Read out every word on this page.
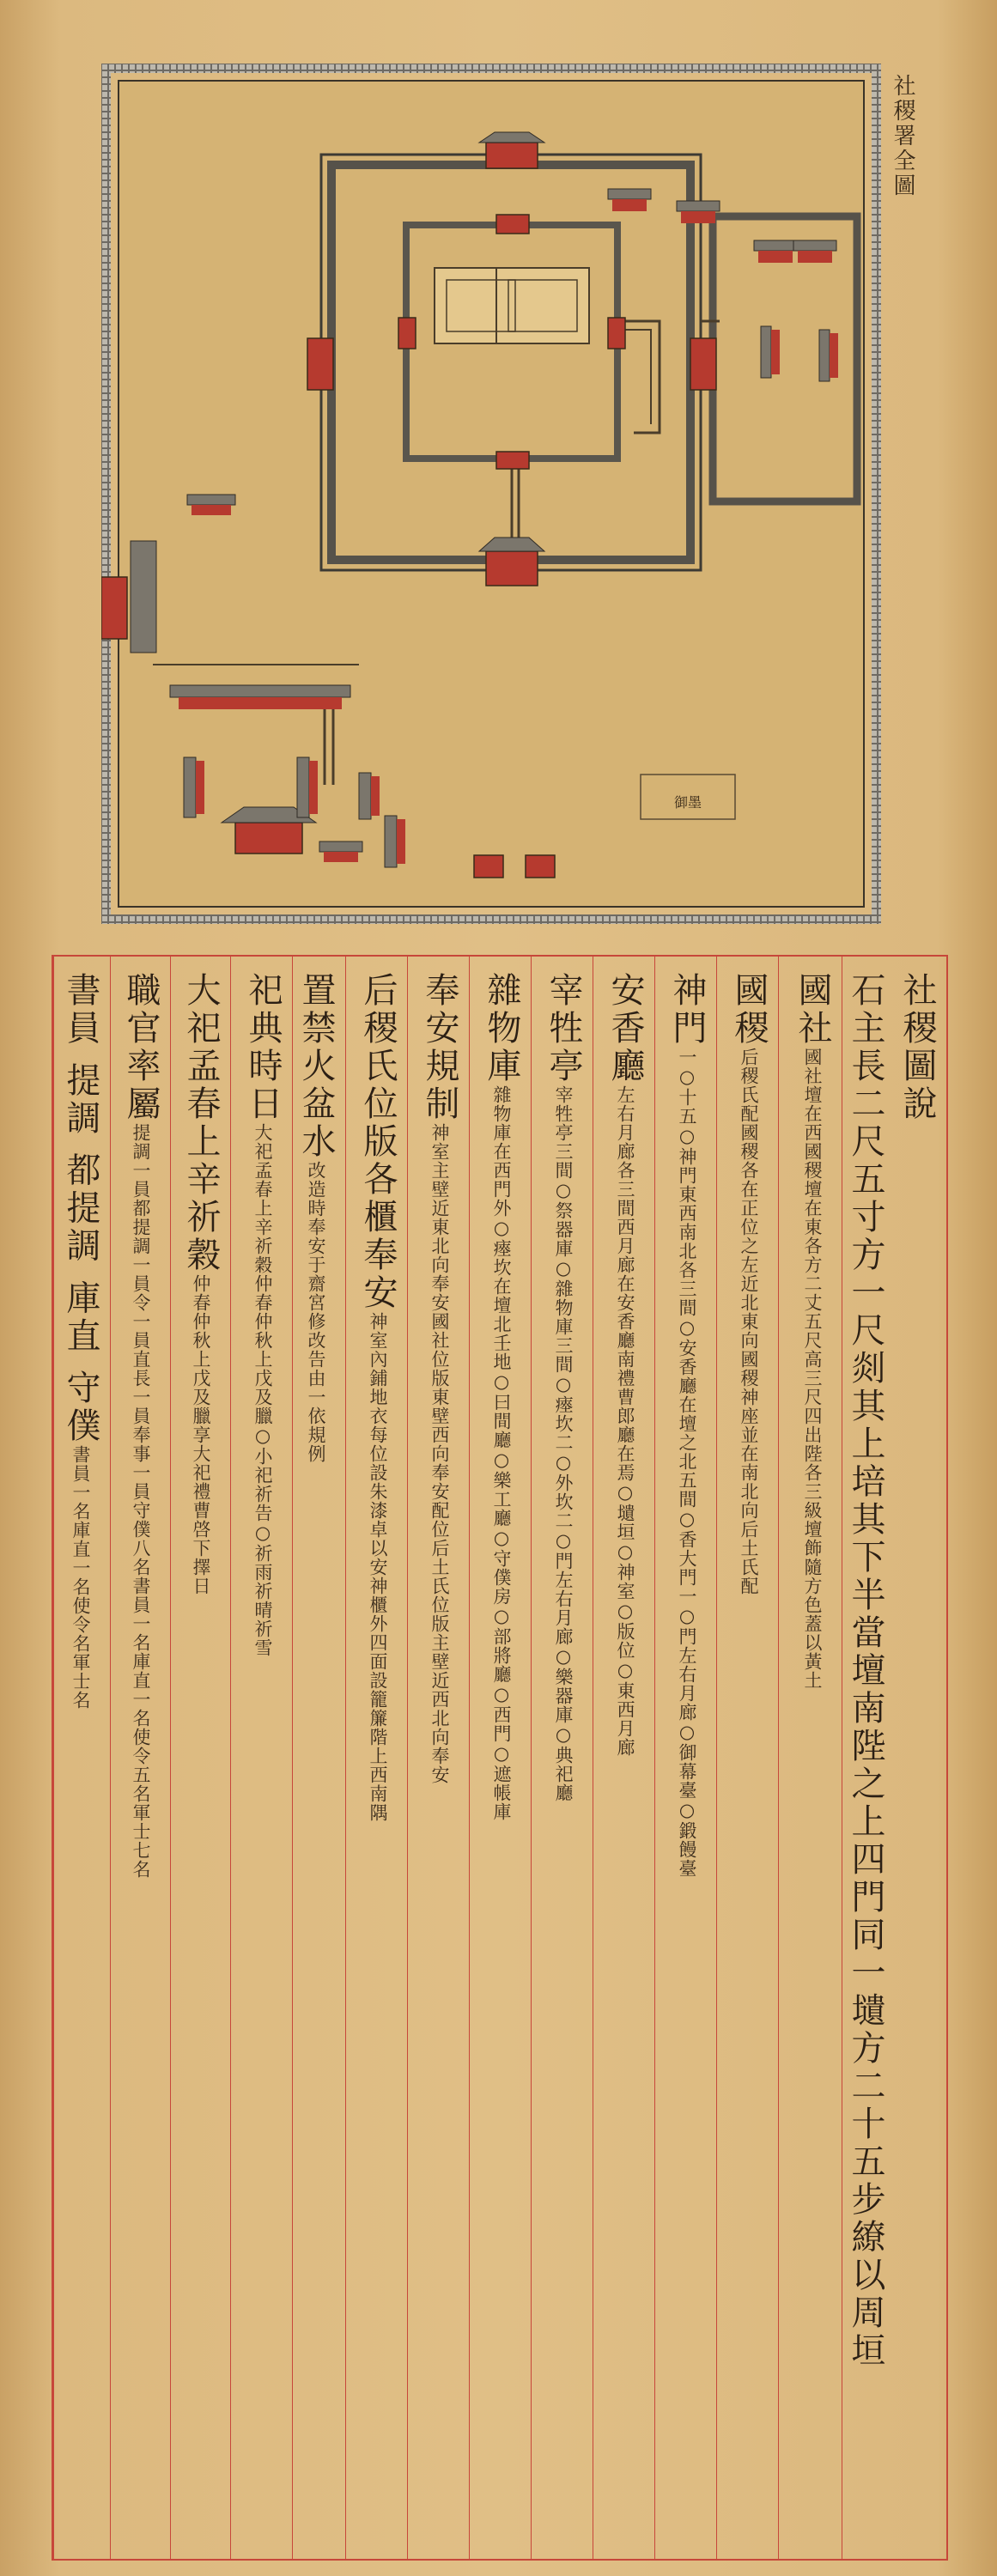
御墨
社稷署全圖
社稷圖說
石主長二尺五寸方一尺剡其上培其下半當壇南陛之上四門同一壝方二十五步繚以周垣
國社國社壇在西國稷壇在東各方二丈五尺高三尺四出陛各三級壇飾隨方色蓋以黃土
國稷后稷氏配國稷各在正位之左近北東向國稷神座並在南北向后土氏配
神門一○十五○神門東西南北各三間○安香廳在壇之北五間○香大門一○門左右月廊○御幕臺○鍛饅臺
安香廳左右月廊各三間西月廊在安香廳南禮曹郎廳在焉○壝垣○神室○版位○東西月廊
宰牲亭宰牲亭三間○祭器庫○雜物庫三間○瘞坎二○外坎二○門左右月廊○樂器庫○典祀廳
雜物庫雜物庫在西門外○瘞坎在壇北壬地○曰間廳○樂工廳○守僕房○部將廳○西門○遮帳庫
奉安規制神室主壁近東北向奉安國社位版東壁西向奉安配位后土氏位版主壁近西北向奉安
后稷氏位版各櫃奉安神室內鋪地衣每位設朱漆卓以安神櫃外四面設籠簾階上西南隅
置禁火盆水改造時奉安于齋宮修改告由一依規例
祀典時日大祀孟春上辛祈穀仲春仲秋上戊及臘○小祀祈告○祈雨祈晴祈雪
大祀孟春上辛祈穀仲春仲秋上戊及臘享大祀禮曹啓下擇日
職官率屬提調一員都提調一員令一員直長一員奉事一員守僕八名書員一名庫直一名使令五名軍士七名
書員 提調 都提調 庫直 守僕書員一名庫直一名使令名軍士名
